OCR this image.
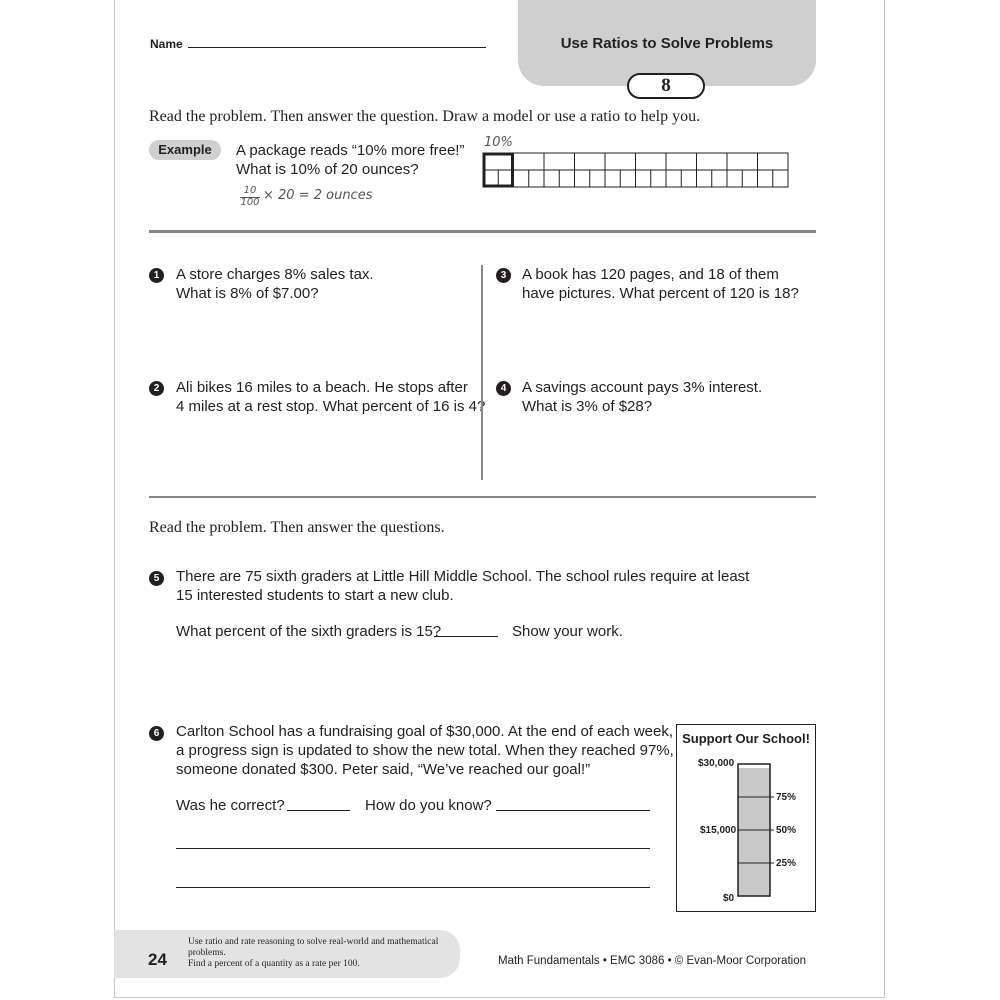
Name	Use Ratios to Solve Problems
8
Read the problem. Then answer the question. Draw a model or use a ratio to help you.
Example	A package reads “10% more free!”
What is 10% of 20 ounces?
$\frac{10}{100} \times 20 = 2$ ounces
10%
1	A store charges 8% sales tax.
What is 8% of $7.00?
2	Ali bikes 16 miles to a beach. He stops after
4 miles at a rest stop. What percent of 16 is 4?
3	A book has 120 pages, and 18 of them
have pictures. What percent of 120 is 18?
4	A savings account pays 3% interest.
What is 3% of $28?
Read the problem. Then answer the questions.
5	There are 75 sixth graders at Little Hill Middle School. The school rules require at least
15 interested students to start a new club.
What percent of the sixth graders is 15?	Show your work.
6	Carlton School has a fundraising goal of $30,000. At the end of each week,
a progress sign is updated to show the new total. When they reached 97%,
someone donated $300. Peter said, “We’ve reached our goal!”
Was he correct?	How do you know?
Support Our School!
$30,000
$15,000
$0
75%
50%
25%
24
Use ratio and rate reasoning to solve real-world and mathematical problems.
Find a percent of a quantity as a rate per 100.	Math Fundamentals • EMC 3086 • © Evan-Moor Corporation
